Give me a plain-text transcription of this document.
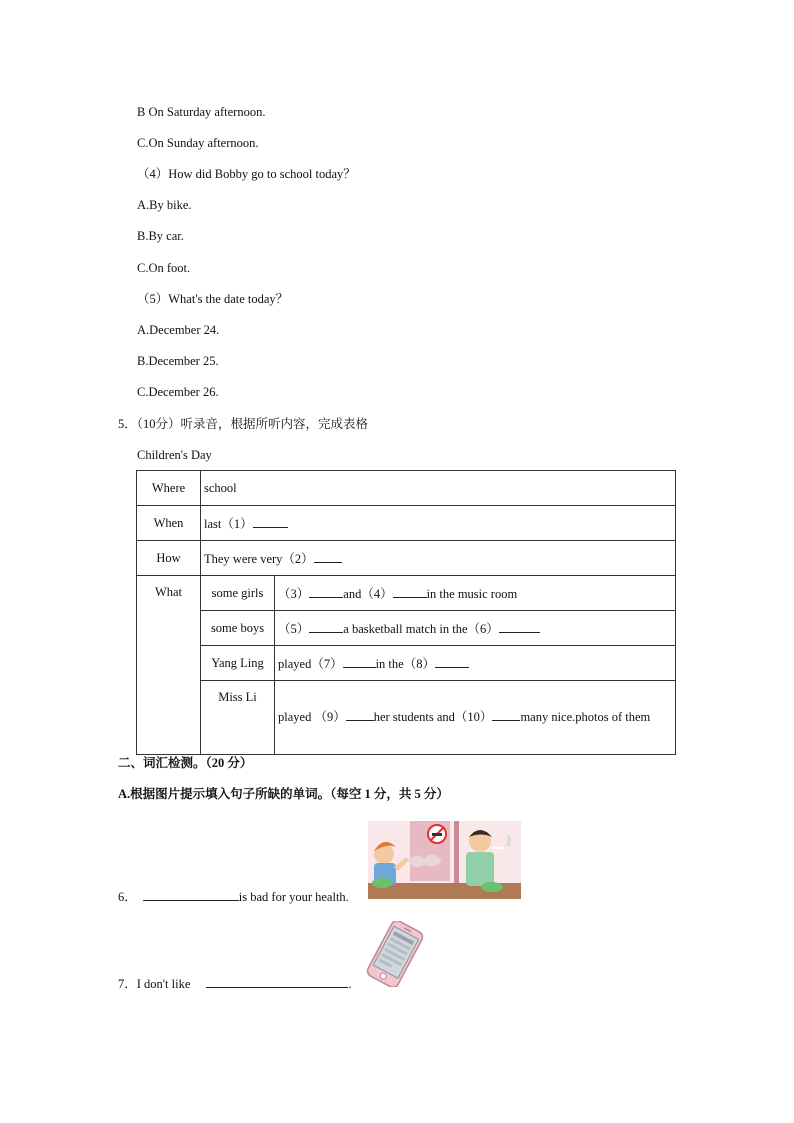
B On Saturday afternoon.
C.On Sunday afternoon.
（4）How did Bobby go to school today？
A.By bike.
B.By car.
C.On foot.
（5）What's the date today？
A.December 24.
B.December 25.
C.December 26.
5．（10分）听录音，根据所听内容，完成表格
Children's Day
Where	school	
When	last（1）	
How	They were very（2）	
What	some girls	（3） and（4） in the music room
	some boys	（5） a basketball match in the（6）
	Yang Ling	played（7） in the（8）
	Miss Li	played （9） her students and（10） many nice.photos of them
二、词汇检测。（20 分）
A.根据图片提示填入句子所缺的单词。（每空 1 分，共 5 分）
6．	is bad for your health.
7．I don't like	.
